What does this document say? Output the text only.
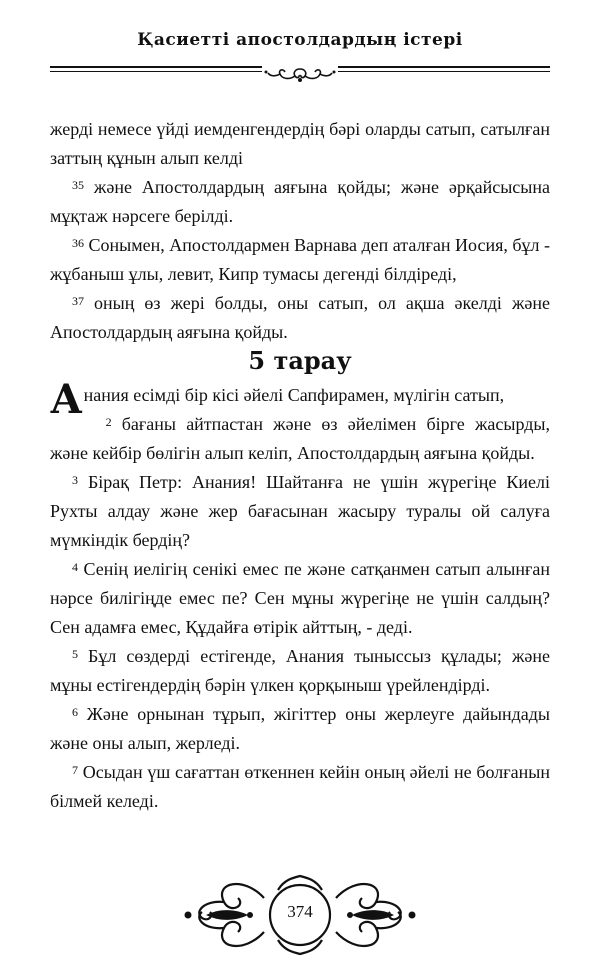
Қасиетті апостолдардың істері

жерді немесе үйді иемденгендердің бәрі оларды сатып, сатылған заттың құнын алып келді

$^{35}$ және Апостолдардың аяғына қойды; және әрқайсысына мұқтаж нәрсеге берілді.

$^{36}$ Сонымен, Апостолдармен Варнава деп аталған Иосия, бұл - жұбаныш ұлы, левит, Кипр тумасы дегенді білдіреді,

$^{37}$ оның өз жері болды, оны сатып, ол ақша әкелді және Апостолдардың аяғына қойды.

5 тарау

Анания есімді бір кісі әйелі Сапфирамен, мүлігін сатып,

$^2$ бағаны айтпастан және өз әйелімен бірге жасырды, және кейбір бөлігін алып келіп, Апостолдардың аяғына қойды.

$^3$ Бірақ Петр: Анания! Шайтанға не үшін жүрегіңе Киелі Рухты алдау және жер бағасынан жасыру туралы ой салуға мүмкіндік бердің?

$^4$ Сенің иелігің сенікі емес пе және сатқанмен сатып алынған нәрсе билігіңде емес пе? Сен мұны жүрегіңе не үшін салдың? Сен адамға емес, Құдайға өтірік айттың, - деді.

$^5$ Бұл сөздерді естігенде, Анания тыныссыз құлады; және мұны естігендердің бәрін үлкен қорқыныш үрейлендірді.

$^6$ Және орнынан тұрып, жігіттер оны жерлеуге дайындады және оны алып, жерледі.

$^7$ Осыдан үш сағаттан өткеннен кейін оның әйелі не болғанын білмей келеді.

374
